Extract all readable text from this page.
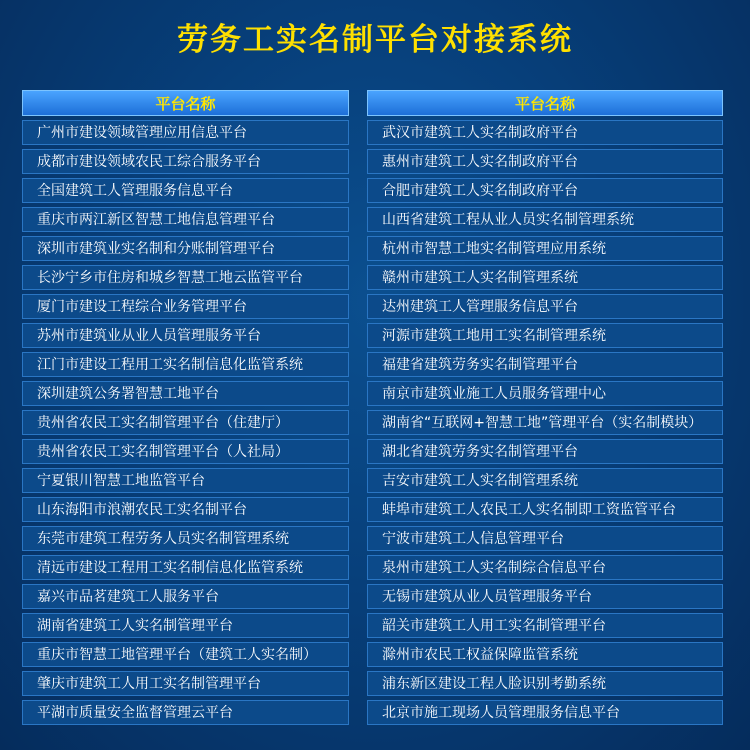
劳务工实名制平台对接系统
平台名称
广州市建设领域管理应用信息平台
成都市建设领域农民工综合服务平台
全国建筑工人管理服务信息平台
重庆市两江新区智慧工地信息管理平台
深圳市建筑业实名制和分账制管理平台
长沙宁乡市住房和城乡智慧工地云监管平台
厦门市建设工程综合业务管理平台
苏州市建筑业从业人员管理服务平台
江门市建设工程用工实名制信息化监管系统
深圳建筑公务署智慧工地平台
贵州省农民工实名制管理平台（住建厅）
贵州省农民工实名制管理平台（人社局）
宁夏银川智慧工地监管平台
山东海阳市浪潮农民工实名制平台
东莞市建筑工程劳务人员实名制管理系统
清远市建设工程用工实名制信息化监管系统
嘉兴市品茗建筑工人服务平台
湖南省建筑工人实名制管理平台
重庆市智慧工地管理平台（建筑工人实名制）
肇庆市建筑工人用工实名制管理平台
平湖市质量安全监督管理云平台
平台名称
武汉市建筑工人实名制政府平台
惠州市建筑工人实名制政府平台
合肥市建筑工人实名制政府平台
山西省建筑工程从业人员实名制管理系统
杭州市智慧工地实名制管理应用系统
赣州市建筑工人实名制管理系统
达州建筑工人管理服务信息平台
河源市建筑工地用工实名制管理系统
福建省建筑劳务实名制管理平台
南京市建筑业施工人员服务管理中心
湖南省“互联网+智慧工地”管理平台（实名制模块）
湖北省建筑劳务实名制管理平台
吉安市建筑工人实名制管理系统
蚌埠市建筑工人农民工人实名制即工资监管平台
宁波市建筑工人信息管理平台
泉州市建筑工人实名制综合信息平台
无锡市建筑从业人员管理服务平台
韶关市建筑工人用工实名制管理平台
滁州市农民工权益保障监管系统
浦东新区建设工程人脸识别考勤系统
北京市施工现场人员管理服务信息平台
